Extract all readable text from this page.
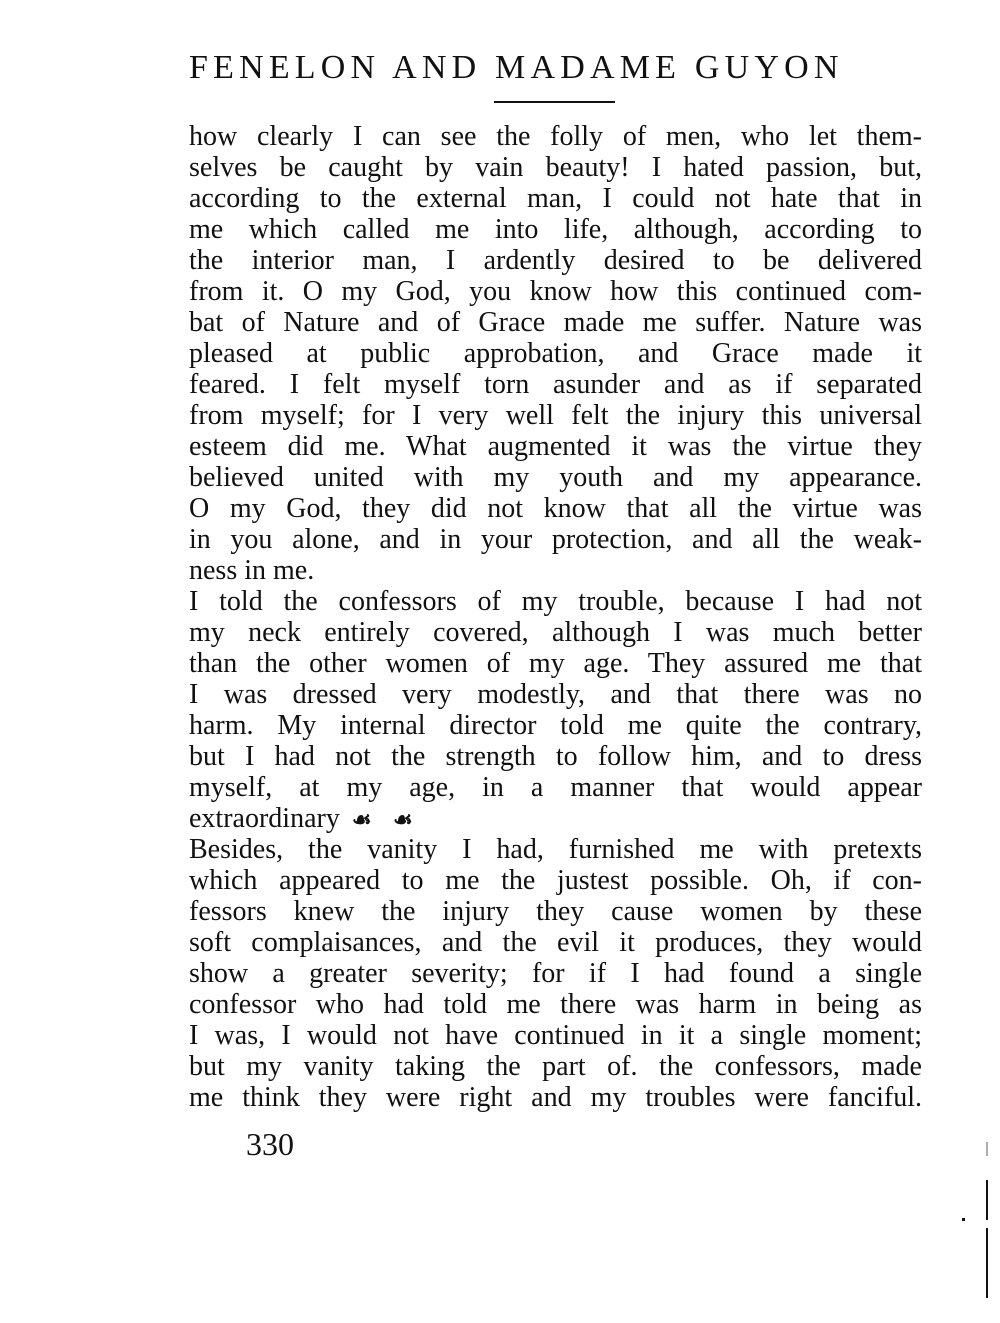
FENELON AND MADAME GUYON
how clearly I can see the folly of men, who let them-
selves be caught by vain beauty! I hated passion, but,
according to the external man, I could not hate that in
me which called me into life, although, according to
the interior man, I ardently desired to be delivered
from it. O my God, you know how this continued com-
bat of Nature and of Grace made me suffer. Nature was
pleased at public approbation, and Grace made it
feared. I felt myself torn asunder and as if separated
from myself; for I very well felt the injury this universal
esteem did me. What augmented it was the virtue they
believed united with my youth and my appearance.
O my God, they did not know that all the virtue was
in you alone, and in your protection, and all the weak-
ness in me.
I told the confessors of my trouble, because I had not
my neck entirely covered, although I was much better
than the other women of my age. They assured me that
I was dressed very modestly, and that there was no
harm. My internal director told me quite the contrary,
but I had not the strength to follow him, and to dress
myself, at my age, in a manner that would appear
extraordinary ☙ ☙
Besides, the vanity I had, furnished me with pretexts
which appeared to me the justest possible. Oh, if con-
fessors knew the injury they cause women by these
soft complaisances, and the evil it produces, they would
show a greater severity; for if I had found a single
confessor who had told me there was harm in being as
I was, I would not have continued in it a single moment;
but my vanity taking the part of. the confessors, made
me think they were right and my troubles were fanciful.
330
